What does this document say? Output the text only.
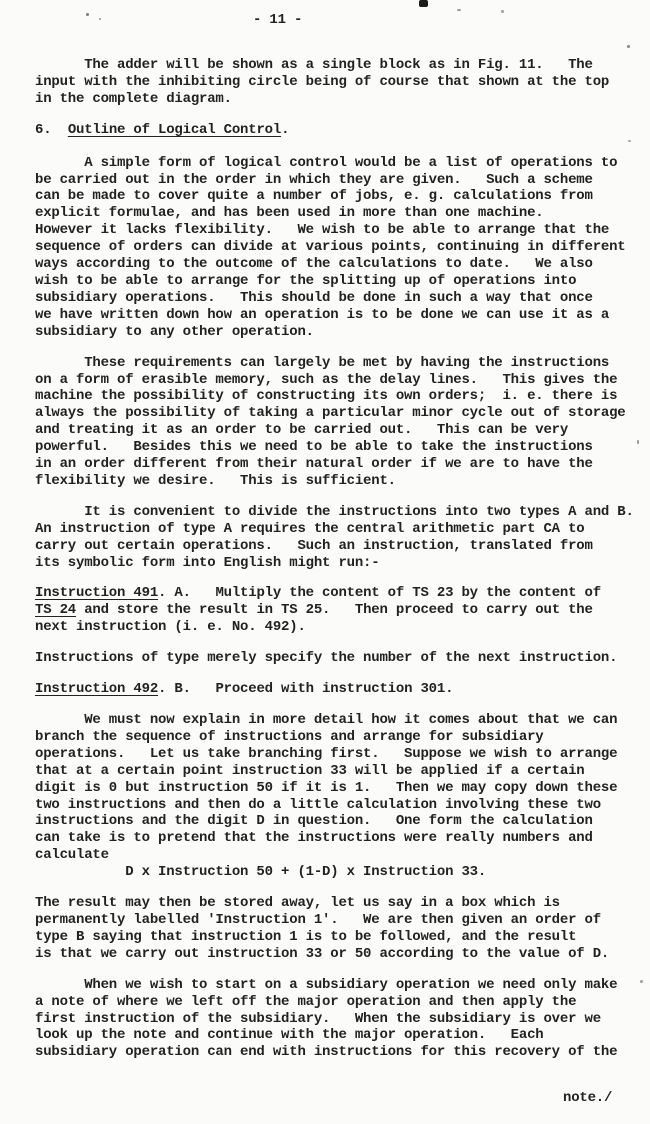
- 11 -
The adder will be shown as a single block as in Fig. 11.   The
input with the inhibiting circle being of course that shown at the top
in the complete diagram.
6.  Outline of Logical Control.
A simple form of logical control would be a list of operations to
be carried out in the order in which they are given.   Such a scheme
can be made to cover quite a number of jobs, e. g. calculations from
explicit formulae, and has been used in more than one machine.
However it lacks flexibility.   We wish to be able to arrange that the
sequence of orders can divide at various points, continuing in different
ways according to the outcome of the calculations to date.   We also
wish to be able to arrange for the splitting up of operations into
subsidiary operations.   This should be done in such a way that once
we have written down how an operation is to be done we can use it as a
subsidiary to any other operation.
These requirements can largely be met by having the instructions
on a form of erasible memory, such as the delay lines.   This gives the
machine the possibility of constructing its own orders;  i. e. there is
always the possibility of taking a particular minor cycle out of storage
and treating it as an order to be carried out.   This can be very
powerful.   Besides this we need to be able to take the instructions
in an order different from their natural order if we are to have the
flexibility we desire.   This is sufficient.
It is convenient to divide the instructions into two types A and B.
An instruction of type A requires the central arithmetic part CA to
carry out certain operations.   Such an instruction, translated from
its symbolic form into English might run:-
Instruction 491. A.   Multiply the content of TS 23 by the content of
TS 24 and store the result in TS 25.   Then proceed to carry out the
next instruction (i. e. No. 492).
Instructions of type merely specify the number of the next instruction.
Instruction 492. B.   Proceed with instruction 301.
We must now explain in more detail how it comes about that we can
branch the sequence of instructions and arrange for subsidiary
operations.   Let us take branching first.   Suppose we wish to arrange
that at a certain point instruction 33 will be applied if a certain
digit is 0 but instruction 50 if it is 1.   Then we may copy down these
two instructions and then do a little calculation involving these two
instructions and the digit D in question.   One form the calculation
can take is to pretend that the instructions were really numbers and
calculate
D x Instruction 50 + (1-D) x Instruction 33.
The result may then be stored away, let us say in a box which is
permanently labelled 'Instruction 1'.   We are then given an order of
type B saying that instruction 1 is to be followed, and the result
is that we carry out instruction 33 or 50 according to the value of D.
When we wish to start on a subsidiary operation we need only make
a note of where we left off the major operation and then apply the
first instruction of the subsidiary.   When the subsidiary is over we
look up the note and continue with the major operation.   Each
subsidiary operation can end with instructions for this recovery of the
note./
